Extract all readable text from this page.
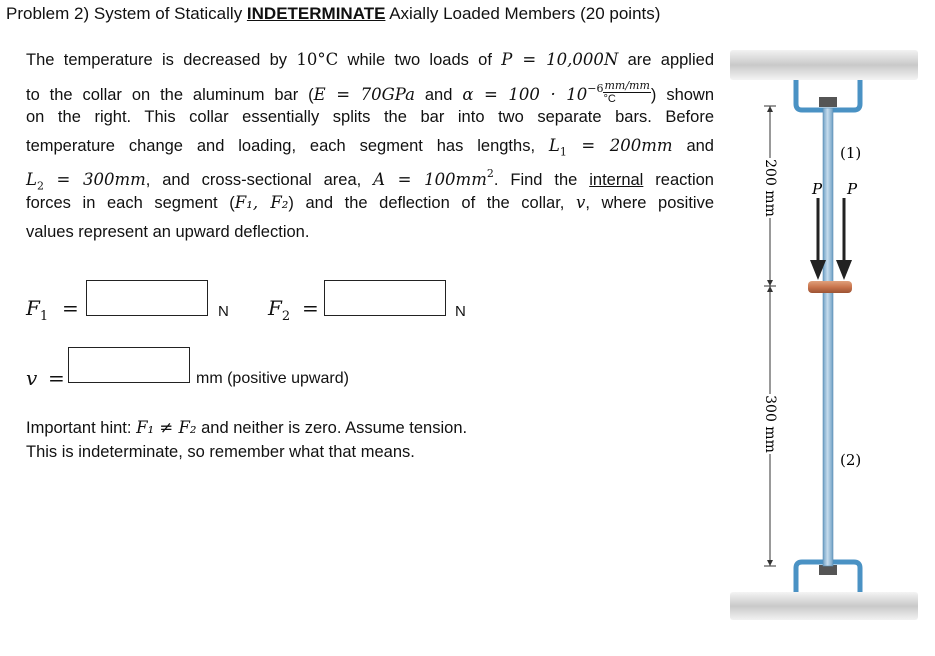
Problem 2) System of Statically INDETERMINATE Axially Loaded Members (20 points)
The temperature is decreased by 10°C while two loads of P = 10,000N are applied
to the collar on the aluminum bar (E = 70GPa and $\alpha = 100 \cdot 10^{-6} \frac{mm/mm}{^\circ C}$ ) shown
on the right. This collar essentially splits the bar into two separate bars. Before
temperature change and loading, each segment has lengths, $L_1 = 200mm$ and
$L_2 = 300mm$, and cross-sectional area, $A = 100mm^2$. Find the internal reaction
forces in each segment (F₁, F₂) and the deflection of the collar, v, where positive
values represent an upward deflection.
$F_1$ =	N $F_2$ =	N
v =	mm (positive upward)
Important hint: F₁ ≠ F₂ and neither is zero. Assume tension.
This is indeterminate, so remember what that means.
P P
(1)
(2)
200 mm
300 mm
